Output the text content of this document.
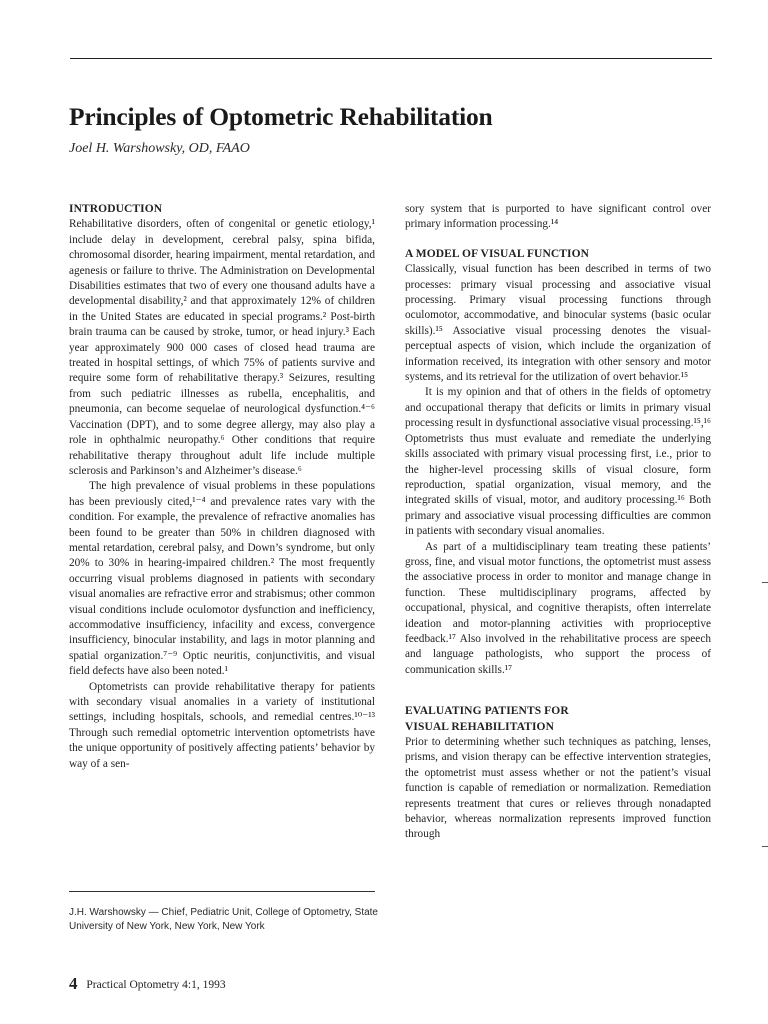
Principles of Optometric Rehabilitation
Joel H. Warshowsky, OD, FAAO
INTRODUCTION

Rehabilitative disorders, often of congenital or genetic etiology,¹ include delay in development, cerebral palsy, spina bifida, chromosomal disorder, hearing impairment, mental retardation, and agenesis or failure to thrive. The Administration on Developmental Disabilities estimates that two of every one thousand adults have a developmental disability,² and that approximately 12% of children in the United States are educated in special programs.² Post-birth brain trauma can be caused by stroke, tumor, or head injury.³ Each year approximately 900 000 cases of closed head trauma are treated in hospital settings, of which 75% of patients survive and require some form of rehabilitative therapy.³ Seizures, resulting from such pediatric illnesses as rubella, encephalitis, and pneumonia, can become sequelae of neurological dysfunction.⁴⁻⁶ Vaccination (DPT), and to some degree allergy, may also play a role in ophthalmic neuropathy.⁶ Other conditions that require rehabilitative therapy throughout adult life include multiple sclerosis and Parkinson’s and Alzheimer’s disease.⁶

The high prevalence of visual problems in these populations has been previously cited,¹⁻⁴ and prevalence rates vary with the condition. For example, the prevalence of refractive anomalies has been found to be greater than 50% in children diagnosed with mental retardation, cerebral palsy, and Down’s syndrome, but only 20% to 30% in hearing-impaired children.² The most frequently occurring visual problems diagnosed in patients with secondary visual anomalies are refractive error and strabismus; other common visual conditions include oculomotor dysfunction and inefficiency, accommodative insufficiency, infacility and excess, convergence insufficiency, binocular instability, and lags in motor planning and spatial organization.⁷⁻⁹ Optic neuritis, conjunctivitis, and visual field defects have also been noted.¹

Optometrists can provide rehabilitative therapy for patients with secondary visual anomalies in a variety of institutional settings, including hospitals, schools, and remedial centres.¹⁰⁻¹³ Through such remedial optometric intervention optometrists have the unique opportunity of positively affecting patients’ behavior by way of a sen-

sory system that is purported to have significant control over primary information processing.¹⁴

A MODEL OF VISUAL FUNCTION

Classically, visual function has been described in terms of two processes: primary visual processing and associative visual processing. Primary visual processing functions through oculomotor, accommodative, and binocular systems (basic ocular skills).¹⁵ Associative visual processing denotes the visual-perceptual aspects of vision, which include the organization of information received, its integration with other sensory and motor systems, and its retrieval for the utilization of overt behavior.¹⁵

It is my opinion and that of others in the fields of optometry and occupational therapy that deficits or limits in primary visual processing result in dysfunctional associative visual processing.¹⁵,¹⁶ Optometrists thus must evaluate and remediate the underlying skills associated with primary visual processing first, i.e., prior to the higher-level processing skills of visual closure, form reproduction, spatial organization, visual memory, and the integrated skills of visual, motor, and auditory processing.¹⁶ Both primary and associative visual processing difficulties are common in patients with secondary visual anomalies.

As part of a multidisciplinary team treating these patients’ gross, fine, and visual motor functions, the optometrist must assess the associative process in order to monitor and manage change in function. These multidisciplinary programs, affected by occupational, physical, and cognitive therapists, often interrelate ideation and motor-planning activities with proprioceptive feedback.¹⁷ Also involved in the rehabilitative process are speech and language pathologists, who support the process of communication skills.¹⁷

EVALUATING PATIENTS FOR
VISUAL REHABILITATION

Prior to determining whether such techniques as patching, lenses, prisms, and vision therapy can be effective intervention strategies, the optometrist must assess whether or not the patient’s visual function is capable of remediation or normalization. Remediation represents treatment that cures or relieves through nonadapted behavior, whereas normalization represents improved function through

J.H. Warshowsky — Chief, Pediatric Unit, College of Optometry, State University of New York, New York, New York
4 Practical Optometry 4:1, 1993
